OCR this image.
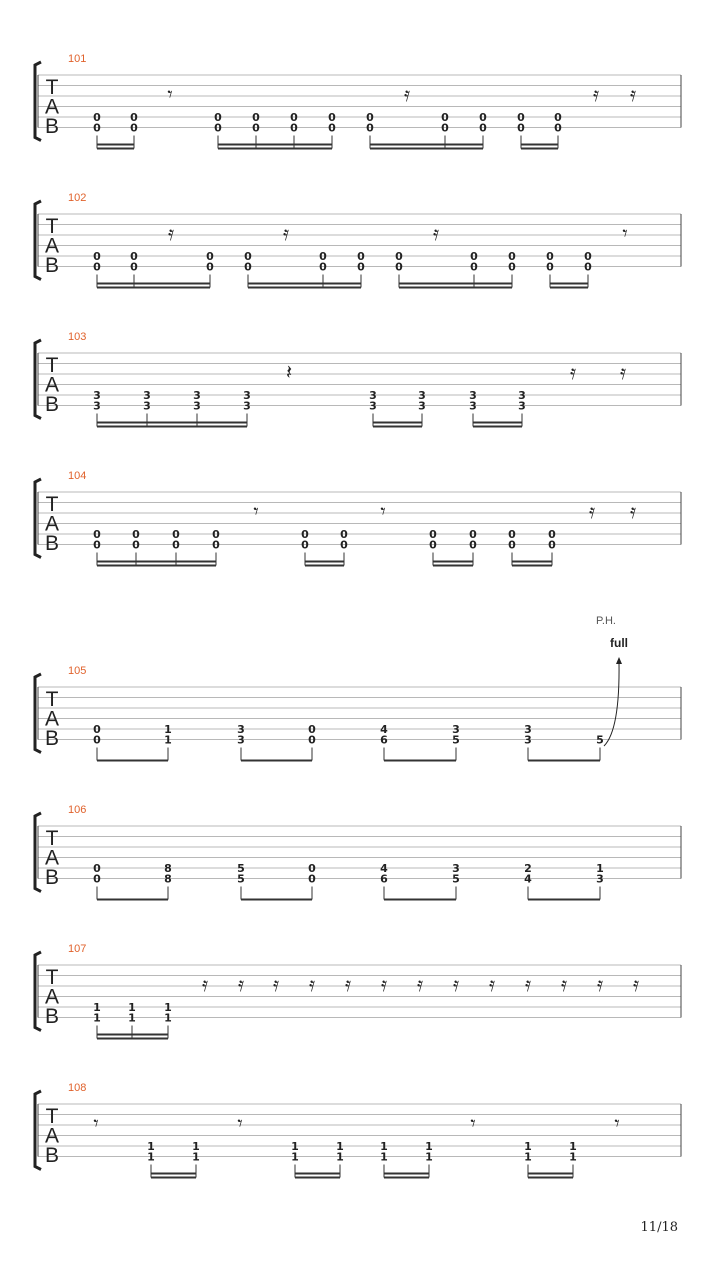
101
T
A
B	0
0
0
0
0
0
0
0
0
0
0
0
0
0
0
0
0
0
0
0
0
0
𝄾	𝄿	𝄿 𝄿
102
T
A
B	0
0
0
0
0
0
0
0
0
0
0
0
0
0
0
0
0
0
0
0
0
0
𝄿	𝄿	𝄿	𝄾
103
T
A
B	3
3
3
3
3
3
3
3
3
3
3
3
3
3
3
3
𝄽	𝄿 𝄿
104
T
A
B	0
0
0
0
0
0
0
0
0
0
0
0
0
0
0
0
0
0
0
0
𝄾	𝄾	𝄿 𝄿
105
T
A
B	0
0
1
1
3
3
0
0
4
6
3
5
3
3	5
P.H.
full
106
T
A
B	0
0
8
8
5
5
0
0
4
6
3
5
2
4
1
3
107
T
A
B	1
1
1
1
1
1
𝄿 𝄿 𝄿 𝄿 𝄿 𝄿 𝄿 𝄿 𝄿 𝄿 𝄿 𝄿 𝄿
108
T
A
B	1
1
1
1
1
1
1
1
1
1
1
1
1
1
1
1
𝄾	𝄾	𝄾	𝄾
11/18
